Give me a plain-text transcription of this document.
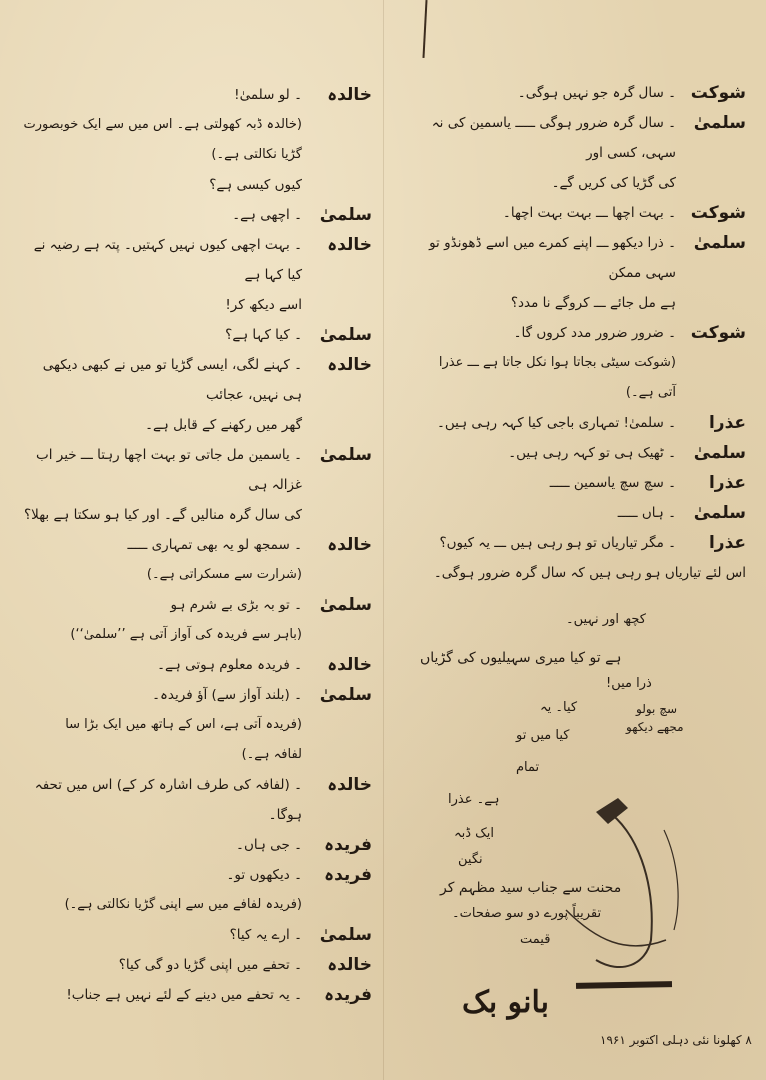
شوکت
۔ سال گرہ جو نہیں ہوگی۔
سلمیٰ
۔ سال گرہ ضرور ہوگی ـــــ یاسمین کی نہ سہی، کسی اور
کی گڑیا کی کریں گے۔
شوکت
۔ بہت اچھا ـــ بہت بہت اچھا۔
سلمیٰ
۔ ذرا دیکھو ـــ اپنے کمرے میں اسے ڈھونڈو تو سہی ممکن
ہے مل جائے ـــ کروگے نا مدد؟
شوکت
۔ ضرور ضرور مدد کروں گا۔
(شوکت سیٹی بجاتا ہوا نکل جاتا ہے ـــ عذرا
آتی ہے۔)
عذرا
۔ سلمیٰ! تمہاری باجی کیا کہہ رہی ہیں۔
سلمیٰ
۔ ٹھیک ہی تو کہہ رہی ہیں۔
عذرا
۔ سچ سچ یاسمین ـــــ
سلمیٰ
۔ ہاں ـــــ
عذرا
۔ مگر تیاریاں تو ہو رہی ہیں ـــ یہ کیوں؟
اس لئے تیاریاں ہو رہی ہیں کہ سال گرہ ضرور ہوگی۔
کچھ اور نہیں۔
ہے تو کیا میری سہیلیوں کی گڑیاں
ذرا میں!
سچ بولو
مجھے دیکھو
کیا۔ یہ
کیا میں تو
تمام
ہے۔ عذرا
ایک ڈبہ
نگین
محنت سے جناب سید مظہم کر
تقریباً پورے دو سو صفحات۔
قیمت
بانو بک
۸ کھلونا نئی دہلی اکتوبر ۱۹۶۱
خالدہ
۔ لو سلمیٰ!
(خالدہ ڈبہ کھولتی ہے۔ اس میں سے ایک خوبصورت
گڑیا نکالتی ہے۔)
کیوں کیسی ہے؟
سلمیٰ
۔ اچھی ہے۔
خالدہ
۔ بہت اچھی کیوں نہیں کہتیں۔ پتہ ہے رضیہ نے کیا کہا ہے
اسے دیکھ کر!
سلمیٰ
۔ کیا کہا ہے؟
خالدہ
۔ کہنے لگی، ایسی گڑیا تو میں نے کبھی دیکھی ہی نہیں، عجائب
گھر میں رکھنے کے قابل ہے۔
سلمیٰ
۔ یاسمین مل جاتی تو بہت اچھا رہتا ـــ خیر اب غزالہ ہی
کی سال گرہ منالیں گے۔ اور کیا ہو سکتا ہے بھلا؟
خالدہ
۔ سمجھ لو یہ بھی تمہاری ـــــ
(شرارت سے مسکراتی ہے۔)
سلمیٰ
۔ تو بہ بڑی بے شرم ہو
(باہر سے فریدہ کی آواز آتی ہے ’’سلمیٰ‘‘)
خالدہ
۔ فریدہ معلوم ہوتی ہے۔
سلمیٰ
۔ (بلند آواز سے) آؤ فریدہ۔
(فریدہ آتی ہے، اس کے ہاتھ میں ایک بڑا سا
لفافہ ہے۔)
خالدہ
۔ (لفافہ کی طرف اشارہ کر کے) اس میں تحفہ ہوگا۔
فریدہ
۔ جی ہاں۔
فریدہ
۔ دیکھوں تو۔
(فریدہ لفافے میں سے اپنی گڑیا نکالتی ہے۔)
سلمیٰ
۔ ارے یہ کیا؟
خالدہ
۔ تحفے میں اپنی گڑیا دو گی کیا؟
فریدہ
۔ یہ تحفے میں دینے کے لئے نہیں ہے جناب!
